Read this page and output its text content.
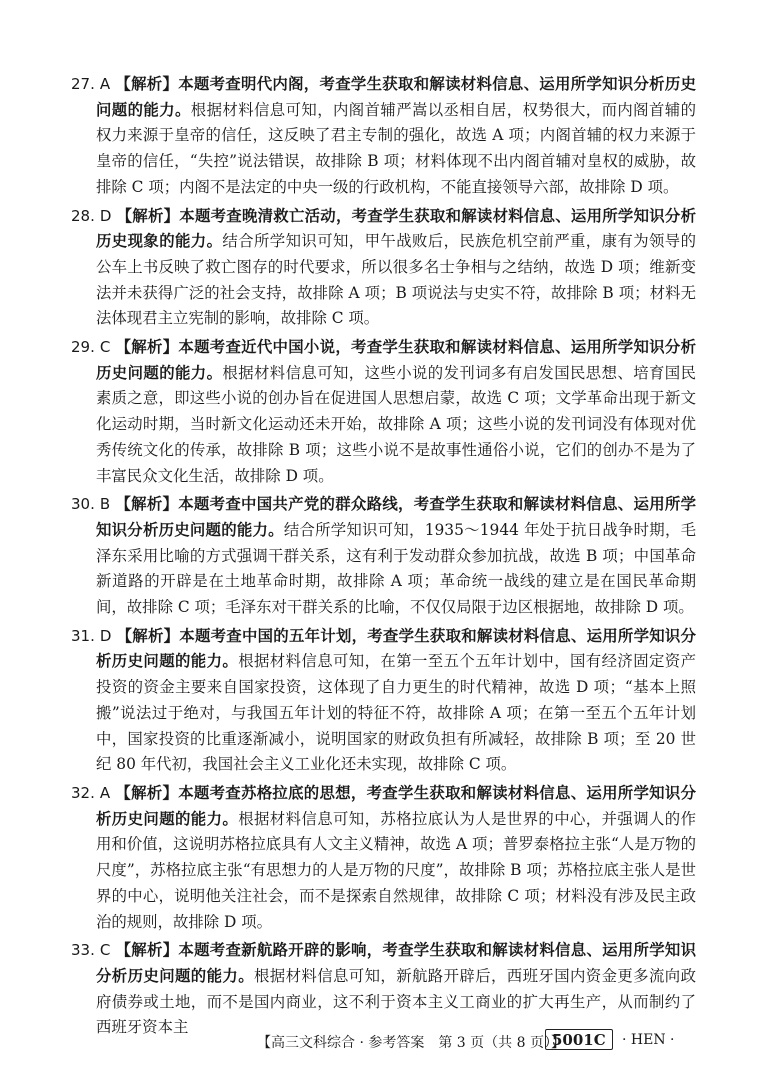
27. A 【解析】本题考查明代内阁，考查学生获取和解读材料信息、运用所学知识分析历史问题的能力。根据材料信息可知，内阁首辅严嵩以丞相自居，权势很大，而内阁首辅的权力来源于皇帝的信任，这反映了君主专制的强化，故选 A 项；内阁首辅的权力来源于皇帝的信任，“失控”说法错误，故排除 B 项；材料体现不出内阁首辅对皇权的威胁，故排除 C 项；内阁不是法定的中央一级的行政机构，不能直接领导六部，故排除 D 项。

28. D 【解析】本题考查晚清救亡活动，考查学生获取和解读材料信息、运用所学知识分析历史现象的能力。结合所学知识可知，甲午战败后，民族危机空前严重，康有为领导的公车上书反映了救亡图存的时代要求，所以很多名士争相与之结纳，故选 D 项；维新变法并未获得广泛的社会支持，故排除 A 项；B 项说法与史实不符，故排除 B 项；材料无法体现君主立宪制的影响，故排除 C 项。

29. C 【解析】本题考查近代中国小说，考查学生获取和解读材料信息、运用所学知识分析历史问题的能力。根据材料信息可知，这些小说的发刊词多有启发国民思想、培育国民素质之意，即这些小说的创办旨在促进国人思想启蒙，故选 C 项；文学革命出现于新文化运动时期，当时新文化运动还未开始，故排除 A 项；这些小说的发刊词没有体现对优秀传统文化的传承，故排除 B 项；这些小说不是故事性通俗小说，它们的创办不是为了丰富民众文化生活，故排除 D 项。

30. B 【解析】本题考查中国共产党的群众路线，考查学生获取和解读材料信息、运用所学知识分析历史问题的能力。结合所学知识可知，1935～1944 年处于抗日战争时期，毛泽东采用比喻的方式强调干群关系，这有利于发动群众参加抗战，故选 B 项；中国革命新道路的开辟是在土地革命时期，故排除 A 项；革命统一战线的建立是在国民革命期间，故排除 C 项；毛泽东对干群关系的比喻，不仅仅局限于边区根据地，故排除 D 项。

31. D 【解析】本题考查中国的五年计划，考查学生获取和解读材料信息、运用所学知识分析历史问题的能力。根据材料信息可知，在第一至五个五年计划中，国有经济固定资产投资的资金主要来自国家投资，这体现了自力更生的时代精神，故选 D 项；“基本上照搬”说法过于绝对，与我国五年计划的特征不符，故排除 A 项；在第一至五个五年计划中，国家投资的比重逐渐减小，说明国家的财政负担有所减轻，故排除 B 项；至 20 世纪 80 年代初，我国社会主义工业化还未实现，故排除 C 项。

32. A 【解析】本题考查苏格拉底的思想，考查学生获取和解读材料信息、运用所学知识分析历史问题的能力。根据材料信息可知，苏格拉底认为人是世界的中心，并强调人的作用和价值，这说明苏格拉底具有人文主义精神，故选 A 项；普罗泰格拉主张“人是万物的尺度”，苏格拉底主张“有思想力的人是万物的尺度”，故排除 B 项；苏格拉底主张人是世界的中心，说明他关注社会，而不是探索自然规律，故排除 C 项；材料没有涉及民主政治的规则，故排除 D 项。

33. C 【解析】本题考查新航路开辟的影响，考查学生获取和解读材料信息、运用所学知识分析历史问题的能力。根据材料信息可知，新航路开辟后，西班牙国内资金更多流向政府债券或土地，而不是国内商业，这不利于资本主义工商业的扩大再生产，从而制约了西班牙资本主

【高三文科综合 · 参考答案　第 3 页（共 8 页）】
5001C	· HEN ·
